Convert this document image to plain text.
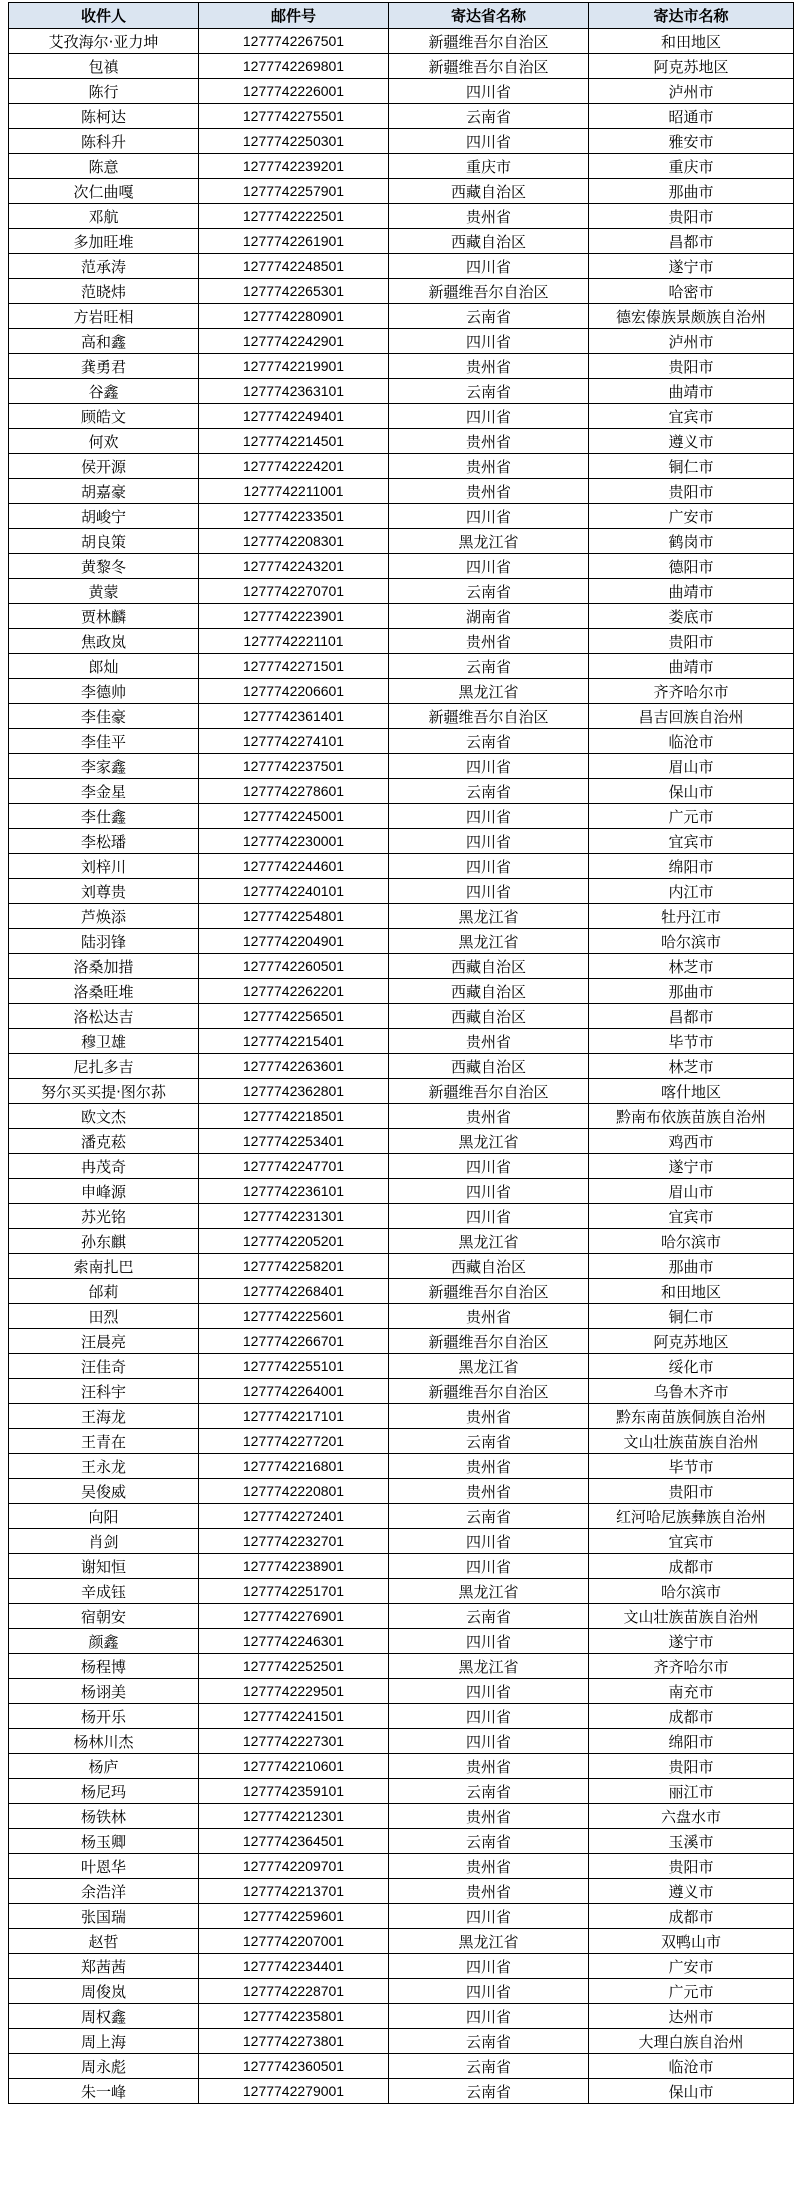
收件人	邮件号	寄达省名称	寄达市名称
艾孜海尔·亚力坤	1277742267501	新疆维吾尔自治区	和田地区
包禛	1277742269801	新疆维吾尔自治区	阿克苏地区
陈行	1277742226001	四川省	泸州市
陈柯达	1277742275501	云南省	昭通市
陈科升	1277742250301	四川省	雅安市
陈意	1277742239201	重庆市	重庆市
次仁曲嘎	1277742257901	西藏自治区	那曲市
邓航	1277742222501	贵州省	贵阳市
多加旺堆	1277742261901	西藏自治区	昌都市
范承涛	1277742248501	四川省	遂宁市
范晓炜	1277742265301	新疆维吾尔自治区	哈密市
方岩旺相	1277742280901	云南省	德宏傣族景颇族自治州
高和鑫	1277742242901	四川省	泸州市
龚勇君	1277742219901	贵州省	贵阳市
谷鑫	1277742363101	云南省	曲靖市
顾皓文	1277742249401	四川省	宜宾市
何欢	1277742214501	贵州省	遵义市
侯开源	1277742224201	贵州省	铜仁市
胡嘉豪	1277742211001	贵州省	贵阳市
胡峻宁	1277742233501	四川省	广安市
胡良策	1277742208301	黑龙江省	鹤岗市
黄黎冬	1277742243201	四川省	德阳市
黄蒙	1277742270701	云南省	曲靖市
贾林麟	1277742223901	湖南省	娄底市
焦政岚	1277742221101	贵州省	贵阳市
郎灿	1277742271501	云南省	曲靖市
李德帅	1277742206601	黑龙江省	齐齐哈尔市
李佳豪	1277742361401	新疆维吾尔自治区	昌吉回族自治州
李佳平	1277742274101	云南省	临沧市
李家鑫	1277742237501	四川省	眉山市
李金星	1277742278601	云南省	保山市
李仕鑫	1277742245001	四川省	广元市
李松璠	1277742230001	四川省	宜宾市
刘梓川	1277742244601	四川省	绵阳市
刘尊贵	1277742240101	四川省	内江市
芦焕添	1277742254801	黑龙江省	牡丹江市
陆羽锋	1277742204901	黑龙江省	哈尔滨市
洛桑加措	1277742260501	西藏自治区	林芝市
洛桑旺堆	1277742262201	西藏自治区	那曲市
洛松达吉	1277742256501	西藏自治区	昌都市
穆卫雄	1277742215401	贵州省	毕节市
尼扎多吉	1277742263601	西藏自治区	林芝市
努尔买买提·图尔荪	1277742362801	新疆维吾尔自治区	喀什地区
欧文杰	1277742218501	贵州省	黔南布依族苗族自治州
潘克菘	1277742253401	黑龙江省	鸡西市
冉茂奇	1277742247701	四川省	遂宁市
申峰源	1277742236101	四川省	眉山市
苏光铭	1277742231301	四川省	宜宾市
孙东麒	1277742205201	黑龙江省	哈尔滨市
索南扎巴	1277742258201	西藏自治区	那曲市
邰莉	1277742268401	新疆维吾尔自治区	和田地区
田烈	1277742225601	贵州省	铜仁市
汪晨亮	1277742266701	新疆维吾尔自治区	阿克苏地区
汪佳奇	1277742255101	黑龙江省	绥化市
汪科宇	1277742264001	新疆维吾尔自治区	乌鲁木齐市
王海龙	1277742217101	贵州省	黔东南苗族侗族自治州
王青在	1277742277201	云南省	文山壮族苗族自治州
王永龙	1277742216801	贵州省	毕节市
吴俊威	1277742220801	贵州省	贵阳市
向阳	1277742272401	云南省	红河哈尼族彝族自治州
肖剑	1277742232701	四川省	宜宾市
谢知恒	1277742238901	四川省	成都市
辛成钰	1277742251701	黑龙江省	哈尔滨市
宿朝安	1277742276901	云南省	文山壮族苗族自治州
颜鑫	1277742246301	四川省	遂宁市
杨程博	1277742252501	黑龙江省	齐齐哈尔市
杨诩美	1277742229501	四川省	南充市
杨开乐	1277742241501	四川省	成都市
杨林川杰	1277742227301	四川省	绵阳市
杨庐	1277742210601	贵州省	贵阳市
杨尼玛	1277742359101	云南省	丽江市
杨铁林	1277742212301	贵州省	六盘水市
杨玉卿	1277742364501	云南省	玉溪市
叶恩华	1277742209701	贵州省	贵阳市
余浩洋	1277742213701	贵州省	遵义市
张国瑞	1277742259601	四川省	成都市
赵哲	1277742207001	黑龙江省	双鸭山市
郑茜茜	1277742234401	四川省	广安市
周俊岚	1277742228701	四川省	广元市
周权鑫	1277742235801	四川省	达州市
周上海	1277742273801	云南省	大理白族自治州
周永彪	1277742360501	云南省	临沧市
朱一峰	1277742279001	云南省	保山市
